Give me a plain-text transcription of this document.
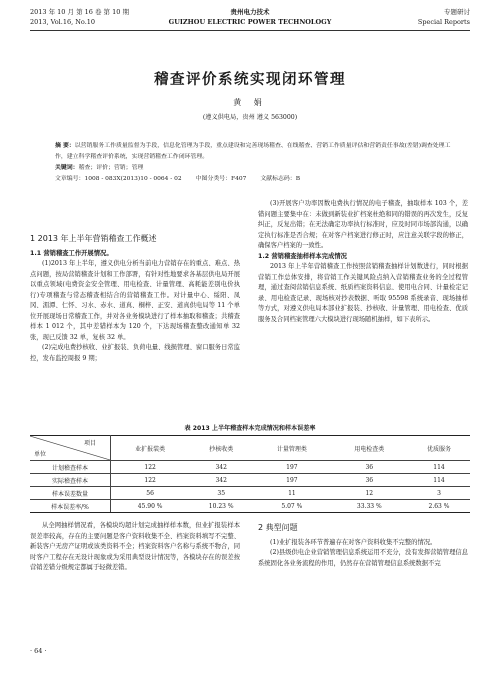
2013 年 10 月 第 16 卷 第 10 期	贵州电力技术	专题研讨
2013, Vol.16, No.10	GUIZHOU ELECTRIC POWER TECHNOLOGY	Special Reports
稽查评价系统实现闭环管理
黄 娟
(遵义供电局，贵州 遵义 563000)
摘 要：以营销服务工作质量监督为手段，信息化管理为手段，重点建设和完善现场稽查、在线稽查、营销工作质量评估和营销责任事故(差错)调查处理工作，建立科学稽查评价系统，实现营销稽查工作闭环管理。
关键词：稽查；评价；营销；管理
文章编号：1008 - 083X(2013)10 - 0064 - 02 中图分类号：F407 文献标志码：B
1 2013 年上半年营销稽查工作概述
1.1 营销稽查工作开展情况。

(1)2013 年上半年，遵义供电分析当前电力营销存在的重点、难点、热点问题，按局营销稽查计划和工作部署，有针对性地要求各基层供电局开展以重点领域(电费资金安全管理、用电检查、计量管理、高耗能差别电价执行)专项稽查与常态稽查相结合的营销稽查工作。对计量中心、绥阳、凤冈、湄潭、仁怀、习水、赤水、道真、桐梓、正安、道真供电局等 11 个单位开展现场日常稽查工作，并对各业务模块进行了样本抽取和稽查；共稽查样本 1 012 个，其中差错样本为 120 个，下达现场稽查整改通知单 32 张，现已反馈 32 单，复核 32 单。

(2)完成电费抄核收、业扩报装、负荷电量、线损管理、窗口服务日常监控，发布监控周报 9 期；

(3)开展客户功率因数电费执行情况的电子稽查，抽取样本 103 个，差错问题主要集中在：未做到新装业扩档案杜绝和同的错误的再次发生，反复纠正，反复出错；在无法确定功率执行标准时，应及时同市场部沟通，以确定执行标准是否合规；在对客户档案进行修正时，应注意关联字段的修正，确保客户档案的一致性。

1.2 营销稽查抽样样本完成情况

2013 年上半年营销稽查工作按照营销稽查抽样计划数进行，同时根据营销工作总体安排，将营销工作关键风险点纳入营销稽查业务的全过程管理，通过查阅营销信息系统、纸质档案资料信息、使用电合同、计量检定记录、用电检查记录、现场核对抄表数据、听取 95598 系统录音、现场抽样等方式，对遵义供电局本部业扩报装、抄核收、计量管理、用电检查、优质服务及合同档案管理六大模块进行现场随机抽样，如下表所示。

表 2013 上半年稽查样本完成情况和样本误差率
项目
单位	业扩报装类	抄核收类	计量管理类	用电检查类	优质服务
计划稽查样本	122	342	197	36	114
实际稽查样本	122	342	197	36	114
样本误差数量	56	35	11	12	3
样本误差率/%	45.90 %	10.23 %	5.07 %	33.33 %	2.63 %

从全网抽样情况看，各模块均超计划完成抽样样本数，但业扩报装样本误差率较高，存在的主要问题是客户资料收集不全、档案资料填写不完整、新装客户无房产证明或该类资料不全；档案资料客户名称与系统不物合，同时客户工程存在无设计现象或为采用典型设计情况等，各模块存在的误差按营销差错分级规定都属于轻微差错。

2 典型问题

(1)业扩报装各环节普遍存在对客户资料收集不完整的情况。

(2)县级供电企业营销管理信息系统运用不充分，没有发挥营销管理信息系统固化各业务流程的作用，仍然存在营销管理信息系统数据不完

· 64 ·
